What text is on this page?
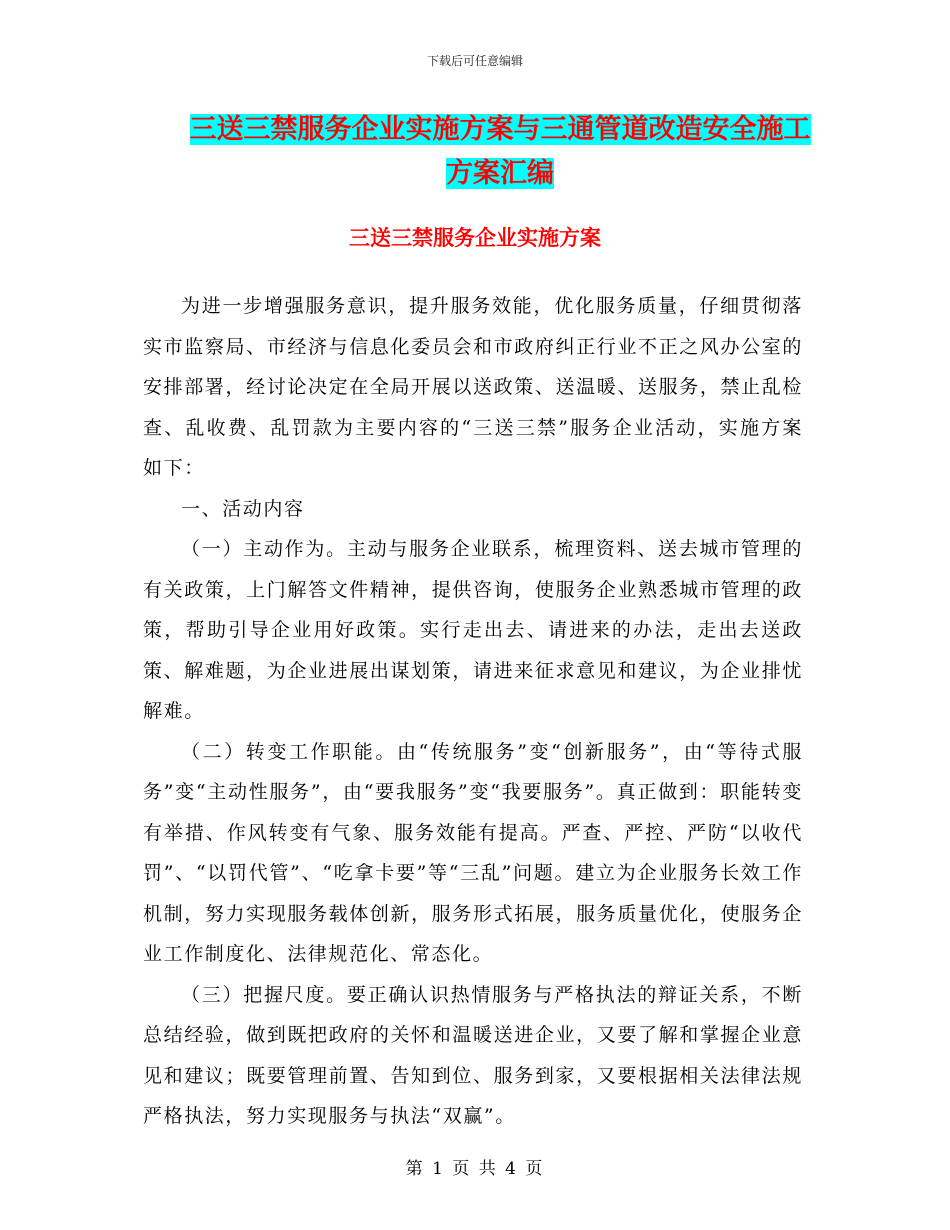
下载后可任意编辑
三送三禁服务企业实施方案与三通管道改造安全施工
方案汇编
三送三禁服务企业实施方案

为进一步增强服务意识，提升服务效能，优化服务质量，仔细贯彻落实市监察局、市经济与信息化委员会和市政府纠正行业不正之风办公室的安排部署，经讨论决定在全局开展以送政策、送温暖、送服务，禁止乱检查、乱收费、乱罚款为主要内容的“三送三禁”服务企业活动，实施方案如下：

一、活动内容

（一）主动作为。主动与服务企业联系，梳理资料、送去城市管理的有关政策，上门解答文件精神，提供咨询，使服务企业熟悉城市管理的政策，帮助引导企业用好政策。实行走出去、请进来的办法，走出去送政策、解难题，为企业进展出谋划策，请进来征求意见和建议，为企业排忧解难。

（二）转变工作职能。由“传统服务”变“创新服务”，由“等待式服务”变“主动性服务”，由“要我服务”变“我要服务”。真正做到：职能转变有举措、作风转变有气象、服务效能有提高。严查、严控、严防“以收代罚”、“以罚代管”、“吃拿卡要”等“三乱”问题。建立为企业服务长效工作机制，努力实现服务载体创新，服务形式拓展，服务质量优化，使服务企业工作制度化、法律规范化、常态化。

（三）把握尺度。要正确认识热情服务与严格执法的辩证关系，不断总结经验，做到既把政府的关怀和温暖送进企业，又要了解和掌握企业意见和建议；既要管理前置、告知到位、服务到家，又要根据相关法律法规严格执法，努力实现服务与执法“双赢”。

第 1 页 共 4 页
